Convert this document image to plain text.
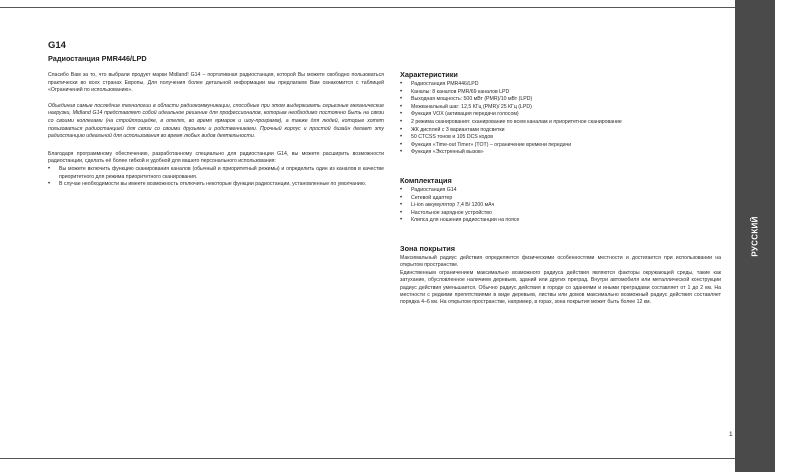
РУССКИЙ
G14
Радиостанция PMR446/LPD

Спасибо Вам за то, что выбрали продукт марки Midland! G14 – портативная радиостанция, которой Вы можете свободно пользоваться практически во всех странах Европы. Для получения более детальной информации мы предлагаем Вам ознакомится с таблицей «Ограничений по использованию».

Объединив самые последние технологии в области радиокоммуникации, способные при этом выдерживать серьезные механические нагрузки, Midland G14 представляет собой идеальное решение для профессионалов, которым необходимо постоянно быть на связи со своими коллегами (на стройплощадке, в отелях, во время ярмарок и шоу-программ), а также для людей, которые хотят пользоваться радиостанцией для связи со своими друзьями и родственниками. Прочный корпус и простой дизайн делает эту радиостанцию идеальной для использования во время любых видов деятельности.

Благодаря программному обеспечению, разработанному специально для радиостанции G14, вы можете расширить возможности радиостанции, сделать её более гибкой и удобной для вашего персонального использования:

• Вы можете включить функцию сканирования каналов (обычный и приоритетный режимы) и определить один из каналов в качестве приоритетного для режима приоритетного сканирования.
• В случае необходимости вы имеете возможность отключить некоторые функции радиостанции, установленные по умолчанию.
Характеристики
• Радиостанция PMR446/LPD
• Каналы: 8 каналов PMR/69 каналов LPD
• Выходная мощность: 500 мВт (PMR)/10 мВт (LPD)
• Межканальный шаг: 12,5 КГц (PMR)/ 25 КГц (LPD)
• Функция VOX (активация передачи голосом)
• 2 режима сканирования: сканирование по всем каналам и приоритетное сканирование
• ЖК дисплей с 3 вариантами подсветки
• 50 CTCSS тонов и 105 DCS кодов
• Функция «Time-out Timer» (TOT) – ограничение времени передачи
• Функция «Экстренный вызов»
Комплектация
• Радиостанция G14
• Сетевой адаптер
• Li-ion аккумулятор 7,4 В/ 1200 мАч
• Настольное зарядное устройство
• Клипса для ношения радиостанции на поясе
Зона покрытия

Максимальный радиус действия определяется физическими особенностями местности и достигается при использовании на открытом пространстве.

Единственным ограничением максимально возможного радиуса действия являются факторы окружающей среды, такие как затухание, обусловленное наличием деревьев, зданий или других преград. Внутри автомобиля или металлической конструкции радиус действия уменьшается. Обычно радиус действия в городе со зданиями и иными преградами составляет от 1 до 2 км. На местности с редкими препятствиями в виде деревьев, листвы или домов максимально возможный радиус действия составляет порядка 4–6 км. На открытом пространстве, например, в горах, зона покрытия может быть более 12 км.

1
